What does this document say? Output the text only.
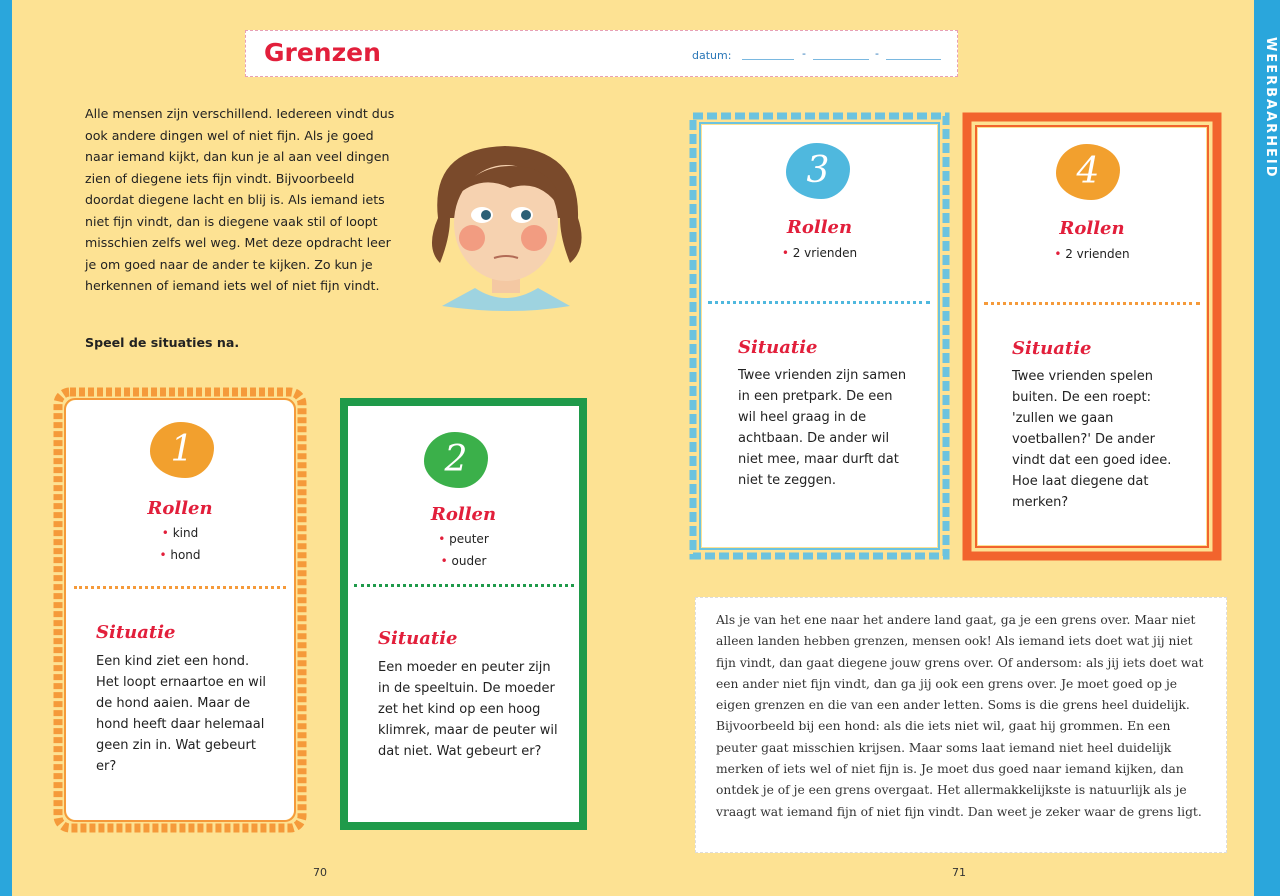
WEERBAARHEID
Grenzen	datum:	-	-
Alle mensen zijn verschillend. Iedereen vindt dus ook andere dingen wel of niet fijn. Als je goed naar iemand kijkt, dan kun je al aan veel dingen zien of diegene iets fijn vindt. Bijvoorbeeld doordat diegene lacht en blij is. Als iemand iets niet fijn vindt, dan is diegene vaak stil of loopt misschien zelfs wel weg. Met deze opdracht leer je om goed naar de ander te kijken. Zo kun je herkennen of iemand iets wel of niet fijn vindt.
Speel de situaties na.
1
Rollen
• kind
• hond
Situatie
Een kind ziet een hond. Het loopt ernaartoe en wil de hond aaien. Maar de hond heeft daar helemaal geen zin in. Wat gebeurt er?
2
Rollen
• peuter
• ouder
Situatie
Een moeder en peuter zijn in de speeltuin. De moeder zet het kind op een hoog klimrek, maar de peuter wil dat niet. Wat gebeurt er?
3
Rollen
• 2 vrienden
Situatie
Twee vrienden zijn samen in een pretpark. De een wil heel graag in de achtbaan. De ander wil niet mee, maar durft dat niet te zeggen.
4
Rollen
• 2 vrienden
Situatie
Twee vrienden spelen buiten. De een roept: 'zullen we gaan voetballen?' De ander vindt dat een goed idee. Hoe laat diegene dat merken?
Als je van het ene naar het andere land gaat, ga je een grens over. Maar niet alleen landen hebben grenzen, mensen ook! Als iemand iets doet wat jij niet fijn vindt, dan gaat diegene jouw grens over. Of andersom: als jij iets doet wat een ander niet fijn vindt, dan ga jij ook een grens over. Je moet goed op je eigen grenzen en die van een ander letten. Soms is die grens heel duidelijk. Bijvoorbeeld bij een hond: als die iets niet wil, gaat hij grommen. En een peuter gaat misschien krijsen. Maar soms laat iemand niet heel duidelijk merken of iets wel of niet fijn is. Je moet dus goed naar iemand kijken, dan ontdek je of je een grens overgaat. Het allermakkelijkste is natuurlijk als je vraagt wat iemand fijn of niet fijn vindt. Dan weet je zeker waar de grens ligt.
70	71
